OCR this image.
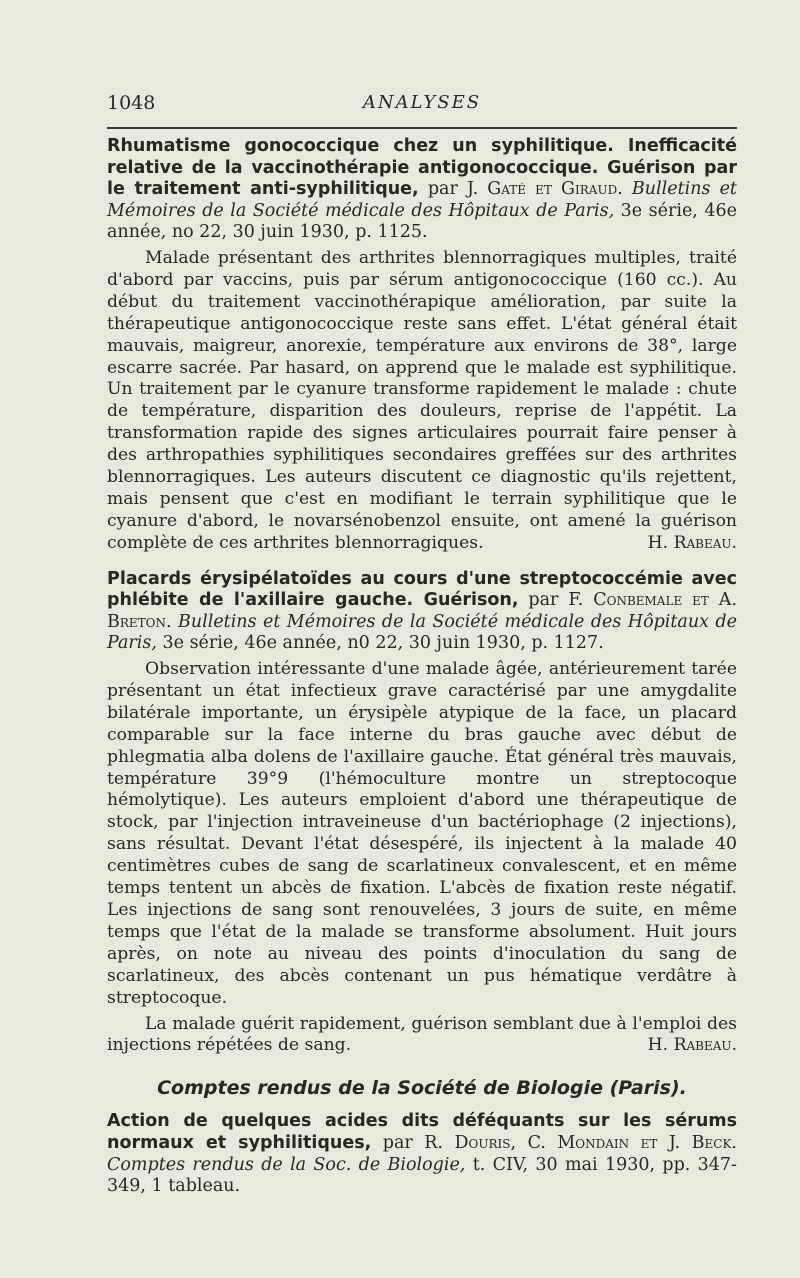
1048	ANALYSES

Rhumatisme gonococcique chez un syphilitique. Inefficacité relative de la vaccinothérapie antigonococcique. Guérison par le traitement anti-syphilitique, par J. Gaté et Giraud. Bulletins et Mémoires de la Société médicale des Hôpitaux de Paris, 3e série, 46e année, no 22, 30 juin 1930, p. 1125.

Malade présentant des arthrites blennorragiques multiples, traité d'abord par vaccins, puis par sérum antigonococcique (160 cc.). Au début du traitement vaccinothérapique amélioration, par suite la thérapeutique antigonococcique reste sans effet. L'état général était mauvais, maigreur, anorexie, température aux environs de 38°, large escarre sacrée. Par hasard, on apprend que le malade est syphilitique. Un traitement par le cyanure transforme rapidement le malade : chute de température, disparition des douleurs, reprise de l'appétit. La transformation rapide des signes articulaires pourrait faire penser à des arthropathies syphilitiques secondaires greffées sur des arthrites blennorragiques. Les auteurs discutent ce diagnostic qu'ils rejettent, mais pensent que c'est en modifiant le terrain syphilitique que le cyanure d'abord, le novarsénobenzol ensuite, ont amené la guérison complète de ces arthrites blennorragiques.	H. Rabeau.

Placards érysipélatoïdes au cours d'une streptococcémie avec phlébite de l'axillaire gauche. Guérison, par F. Conbemale et A. Breton. Bulletins et Mémoires de la Société médicale des Hôpitaux de Paris, 3e série, 46e année, n0 22, 30 juin 1930, p. 1127.

Observation intéressante d'une malade âgée, antérieurement tarée présentant un état infectieux grave caractérisé par une amygdalite bilatérale importante, un érysipèle atypique de la face, un placard comparable sur la face interne du bras gauche avec début de phlegmatia alba dolens de l'axillaire gauche. État général très mauvais, température 39°9 (l'hémoculture montre un streptocoque hémolytique). Les auteurs emploient d'abord une thérapeutique de stock, par l'injection intraveineuse d'un bactériophage (2 injections), sans résultat. Devant l'état désespéré, ils injectent à la malade 40 centimètres cubes de sang de scarlatineux convalescent, et en même temps tentent un abcès de fixation. L'abcès de fixation reste négatif. Les injections de sang sont renouvelées, 3 jours de suite, en même temps que l'état de la malade se transforme absolument. Huit jours après, on note au niveau des points d'inoculation du sang de scarlatineux, des abcès contenant un pus hématique verdâtre à streptocoque.

La malade guérit rapidement, guérison semblant due à l'emploi des injections répétées de sang.	H. Rabeau.

Comptes rendus de la Société de Biologie (Paris).

Action de quelques acides dits déféquants sur les sérums normaux et syphilitiques, par R. Douris, C. Mondain et J. Beck. Comptes rendus de la Soc. de Biologie, t. CIV, 30 mai 1930, pp. 347-349, 1 tableau.
